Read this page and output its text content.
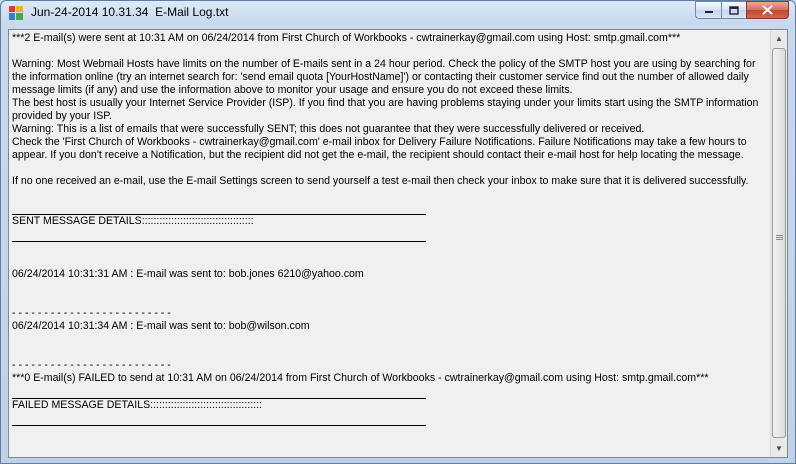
Jun-24-2014 10.31.34  E-Mail Log.txt
***2 E-mail(s) were sent at 10:31 AM on 06/24/2014 from First Church of Workbooks - cwtrainerkay@gmail.com using Host: smtp.gmail.com***
Warning: Most Webmail Hosts have limits on the number of E-mails sent in a 24 hour period. Check the policy of the SMTP host you are using by searching for
the information online (try an internet search for: 'send email quota [YourHostName]') or contacting their customer service find out the number of allowed daily
message limits (if any) and use the information above to monitor your usage and ensure you do not exceed these limits.
The best host is usually your Internet Service Provider (ISP). If you find that you are having problems staying under your limits start using the SMTP information
provided by your ISP.
Warning: This is a list of emails that were successfully SENT; this does not guarantee that they were successfully delivered or received.
Check the 'First Church of Workbooks - cwtrainerkay@gmail.com' e-mail inbox for Delivery Failure Notifications. Failure Notifications may take a few hours to
appear. If you don't receive a Notification, but the recipient did not get the e-mail, the recipient should contact their e-mail host for help locating the message.
If no one received an e-mail, use the E-mail Settings screen to send yourself a test e-mail then check your inbox to make sure that it is delivered successfully.
SENT MESSAGE DETAILS::::::::::::::::::::::::::::::::::::::
06/24/2014 10:31:31 AM : E-mail was sent to: bob.jones 6210@yahoo.com
- - - - - - - - - - - - - - - - - - - - - - - - -
06/24/2014 10:31:34 AM : E-mail was sent to: bob@wilson.com
- - - - - - - - - - - - - - - - - - - - - - - - -
***0 E-mail(s) FAILED to send at 10:31 AM on 06/24/2014 from First Church of Workbooks - cwtrainerkay@gmail.com using Host: smtp.gmail.com***
FAILED MESSAGE DETAILS::::::::::::::::::::::::::::::::::::::
▲
▼
